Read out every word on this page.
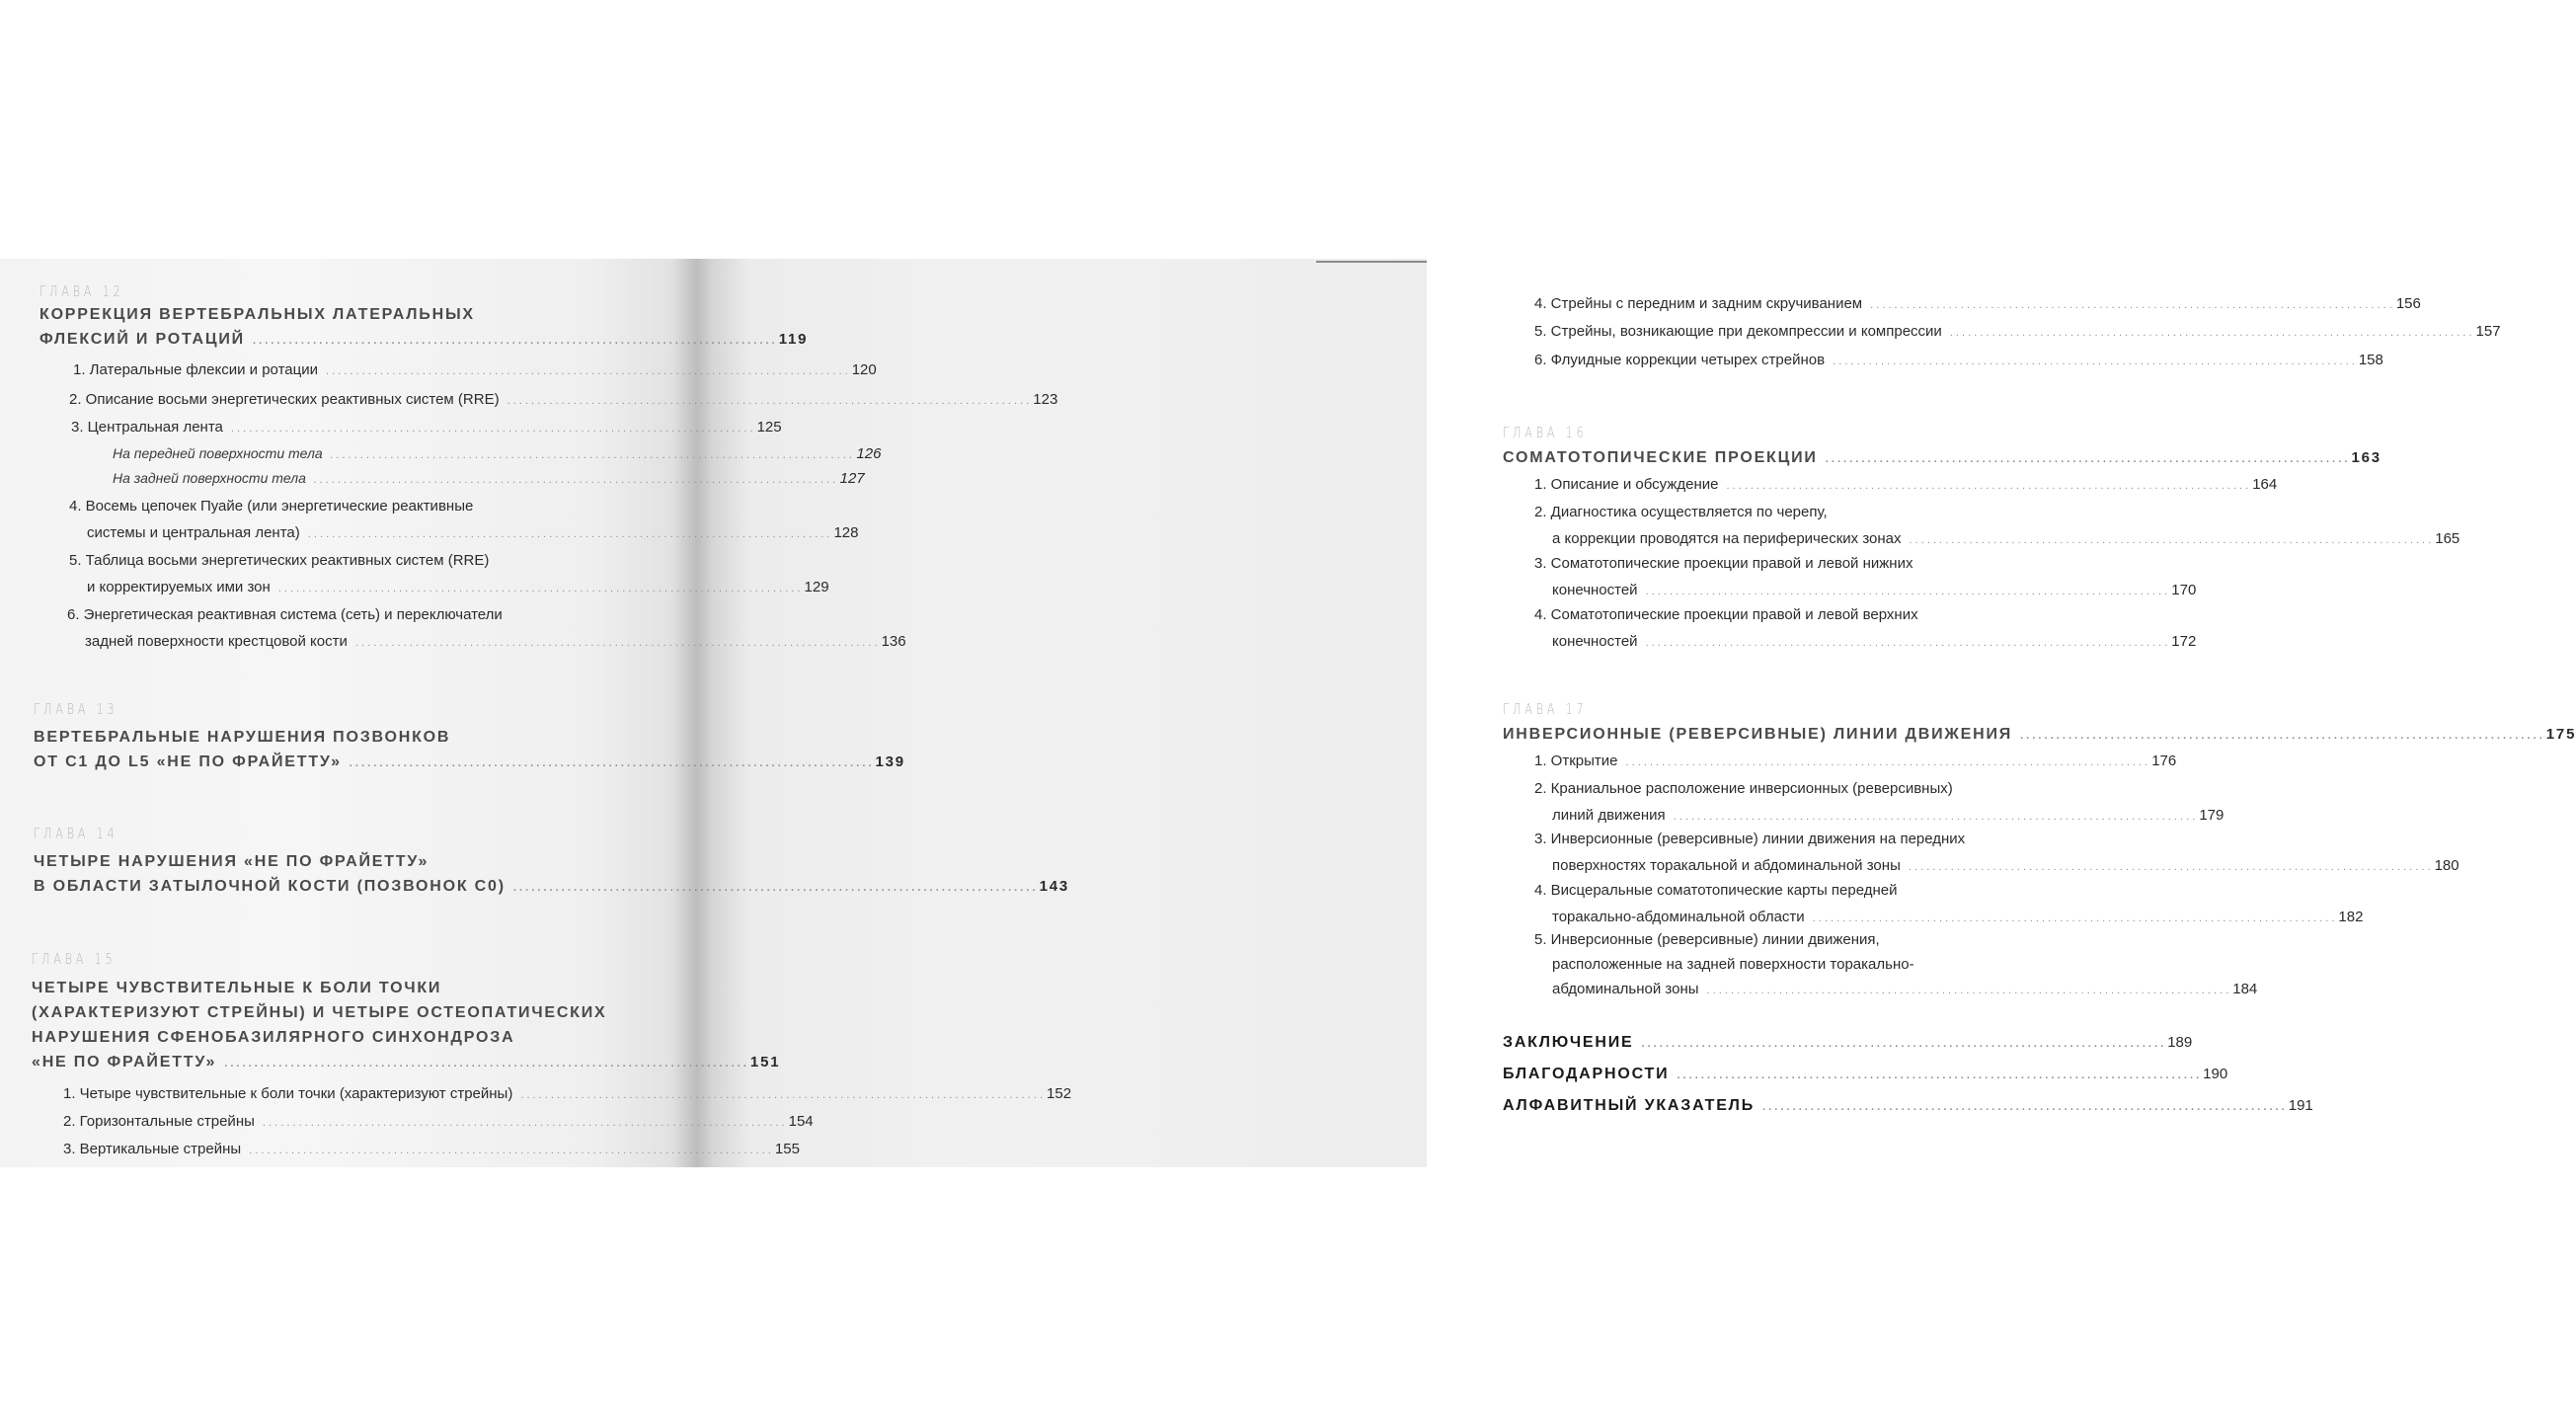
ГЛАВА 12
КОРРЕКЦИЯ ВЕРТЕБРАЛЬНЫХ ЛАТЕРАЛЬНЫХ
ФЛЕКСИЙ И РОТАЦИЙ . . .	119
1. Латеральные флексии и ротации . . .	120
2. Описание восьми энергетических реактивных систем (RRE) . . .	123
3. Центральная лента . . .	125
На передней поверхности тела . . .	126
На задней поверхности тела . . .	127
4. Восемь цепочек Пуайе (или энергетические реактивные
системы и центральная лента) . . .	128
5. Таблица восьми энергетических реактивных систем (RRE)
и корректируемых ими зон . . .	129
6. Энергетическая реактивная система (сеть) и переключатели
задней поверхности крестцовой кости . . .	136
ГЛАВА 13
ВЕРТЕБРАЛЬНЫЕ НАРУШЕНИЯ ПОЗВОНКОВ
ОТ C1 ДО L5 «НЕ ПО ФРАЙЕТТУ» . . .	139
ГЛАВА 14
ЧЕТЫРЕ НАРУШЕНИЯ «НЕ ПО ФРАЙЕТТУ»
В ОБЛАСТИ ЗАТЫЛОЧНОЙ КОСТИ (ПОЗВОНОК C0) . . .	143
ГЛАВА 15
ЧЕТЫРЕ ЧУВСТВИТЕЛЬНЫЕ К БОЛИ ТОЧКИ
(ХАРАКТЕРИЗУЮТ СТРЕЙНЫ) И ЧЕТЫРЕ ОСТЕОПАТИЧЕСКИХ
НАРУШЕНИЯ СФЕНОБАЗИЛЯРНОГО СИНХОНДРОЗА
«НЕ ПО ФРАЙЕТТУ» . . .	151
1. Четыре чувствительные к боли точки (характеризуют стрейны) . . .	152
2. Горизонтальные стрейны . . .	154
3. Вертикальные стрейны . . .	155
4. Стрейны с передним и задним скручиванием . . .	156
5. Стрейны, возникающие при декомпрессии и компрессии . . .	157
6. Флуидные коррекции четырех стрейнов . . .	158
ГЛАВА 16
СОМАТОТОПИЧЕСКИЕ ПРОЕКЦИИ . . .	163
1. Описание и обсуждение . . .	164
2. Диагностика осуществляется по черепу,
а коррекции проводятся на периферических зонах . . .	165
3. Соматотопические проекции правой и левой нижних
конечностей . . .	170
4. Соматотопические проекции правой и левой верхних
конечностей . . .	172
ГЛАВА 17
ИНВЕРСИОННЫЕ (РЕВЕРСИВНЫЕ) ЛИНИИ ДВИЖЕНИЯ . . .	175
1. Открытие . . .	176
2. Краниальное расположение инверсионных (реверсивных)
линий движения . . .	179
3. Инверсионные (реверсивные) линии движения на передних
поверхностях торакальной и абдоминальной зоны . . .	180
4. Висцеральные соматотопические карты передней
торакально-абдоминальной области . . .	182
5. Инверсионные (реверсивные) линии движения,
расположенные на задней поверхности торакально-
абдоминальной зоны . . .	184
ЗАКЛЮЧЕНИЕ . . .	189
БЛАГОДАРНОСТИ . . .	190
АЛФАВИТНЫЙ УКАЗАТЕЛЬ . . .	191
